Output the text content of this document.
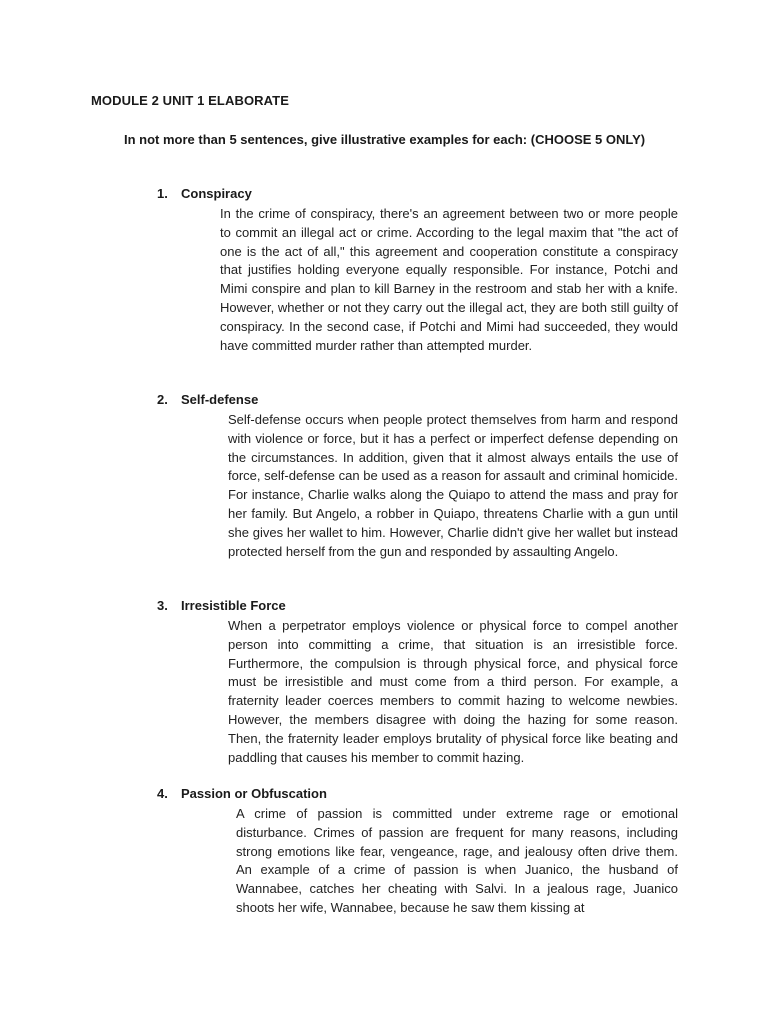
MODULE 2 UNIT 1 ELABORATE
In not more than 5 sentences, give illustrative examples for each: (CHOOSE 5 ONLY)
1. Conspiracy
In the crime of conspiracy, there's an agreement between two or more people to commit an illegal act or crime. According to the legal maxim that "the act of one is the act of all," this agreement and cooperation constitute a conspiracy that justifies holding everyone equally responsible. For instance, Potchi and Mimi conspire and plan to kill Barney in the restroom and stab her with a knife. However, whether or not they carry out the illegal act, they are both still guilty of conspiracy. In the second case, if Potchi and Mimi had succeeded, they would have committed murder rather than attempted murder.
2. Self-defense
Self-defense occurs when people protect themselves from harm and respond with violence or force, but it has a perfect or imperfect defense depending on the circumstances. In addition, given that it almost always entails the use of force, self-defense can be used as a reason for assault and criminal homicide. For instance, Charlie walks along the Quiapo to attend the mass and pray for her family. But Angelo, a robber in Quiapo, threatens Charlie with a gun until she gives her wallet to him. However, Charlie didn't give her wallet but instead protected herself from the gun and responded by assaulting Angelo.
3. Irresistible Force
When a perpetrator employs violence or physical force to compel another person into committing a crime, that situation is an irresistible force. Furthermore, the compulsion is through physical force, and physical force must be irresistible and must come from a third person. For example, a fraternity leader coerces members to commit hazing to welcome newbies. However, the members disagree with doing the hazing for some reason. Then, the fraternity leader employs brutality of physical force like beating and paddling that causes his member to commit hazing.
4. Passion or Obfuscation
A crime of passion is committed under extreme rage or emotional disturbance. Crimes of passion are frequent for many reasons, including strong emotions like fear, vengeance, rage, and jealousy often drive them. An example of a crime of passion is when Juanico, the husband of Wannabee, catches her cheating with Salvi. In a jealous rage, Juanico shoots her wife, Wannabee, because he saw them kissing at
